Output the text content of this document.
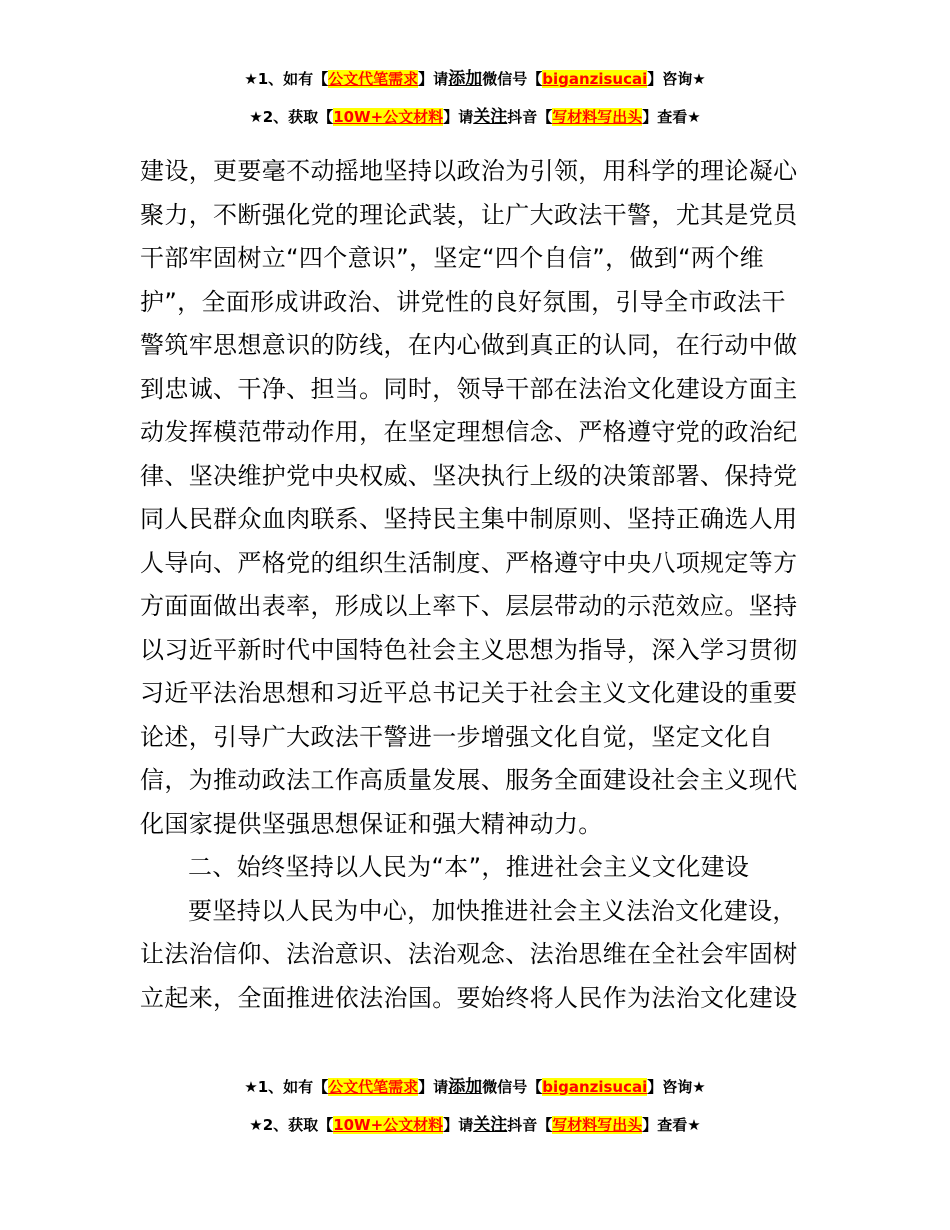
★1、如有【公文代笔需求】请添加微信号【biganzisucai】咨询★
★2、获取【10W+公文材料】请关注抖音【写材料写出头】查看★
建设，更要毫不动摇地坚持以政治为引领，用科学的理论凝心
聚力，不断强化党的理论武装，让广大政法干警，尤其是党员
干部牢固树立“四个意识”，坚定“四个自信”，做到“两个维
护”，全面形成讲政治、讲党性的良好氛围，引导全市政法干
警筑牢思想意识的防线，在内心做到真正的认同，在行动中做
到忠诚、干净、担当。同时，领导干部在法治文化建设方面主
动发挥模范带动作用，在坚定理想信念、严格遵守党的政治纪
律、坚决维护党中央权威、坚决执行上级的决策部署、保持党
同人民群众血肉联系、坚持民主集中制原则、坚持正确选人用
人导向、严格党的组织生活制度、严格遵守中央八项规定等方
方面面做出表率，形成以上率下、层层带动的示范效应。坚持
以习近平新时代中国特色社会主义思想为指导，深入学习贯彻
习近平法治思想和习近平总书记关于社会主义文化建设的重要
论述，引导广大政法干警进一步增强文化自觉，坚定文化自
信，为推动政法工作高质量发展、服务全面建设社会主义现代
化国家提供坚强思想保证和强大精神动力。
二、始终坚持以人民为“本”，推进社会主义文化建设
要坚持以人民为中心，加快推进社会主义法治文化建设，
让法治信仰、法治意识、法治观念、法治思维在全社会牢固树
立起来，全面推进依法治国。要始终将人民作为法治文化建设
★1、如有【公文代笔需求】请添加微信号【biganzisucai】咨询★
★2、获取【10W+公文材料】请关注抖音【写材料写出头】查看★
